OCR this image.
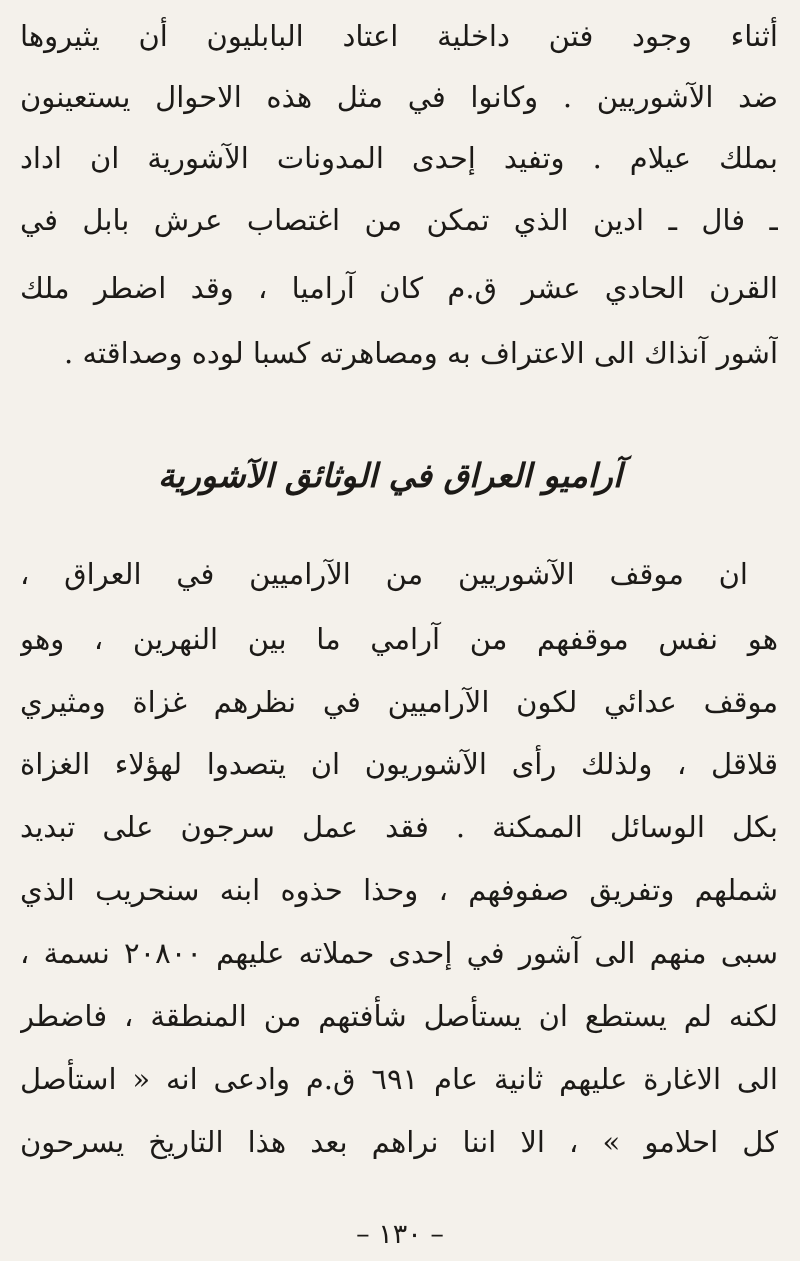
أثناء وجود فتن داخلية اعتاد البابليون أن يثيروها

ضد الآشوريين . وكانوا في مثل هذه الاحوال يستعينون

بملك عيلام . وتفيد إحدى المدونات الآشورية ان اداد

ـ فال ـ ادين الذي تمكن من اغتصاب عرش بابل في

القرن الحادي عشر ق.م كان آراميا ، وقد اضطر ملك

آشور آنذاك الى الاعتراف به ومصاهرته كسبا لوده وصداقته .

آراميو العراق في الوثائق الآشورية

ان موقف الآشوريين من الآراميين في العراق ،

هو نفس موقفهم من آرامي ما بين النهرين ، وهو

موقف عدائي لكون الآراميين في نظرهم غزاة ومثيري

قلاقل ، ولذلك رأى الآشوريون ان يتصدوا لهؤلاء الغزاة

بكل الوسائل الممكنة . فقد عمل سرجون على تبديد

شملهم وتفريق صفوفهم ، وحذا حذوه ابنه سنحريب الذي

سبى منهم الى آشور في إحدى حملاته عليهم ٢٠٨٠٠ نسمة ،

لكنه لم يستطع ان يستأصل شأفتهم من المنطقة ، فاضطر

الى الاغارة عليهم ثانية عام ٦٩١ ق.م وادعى انه « استأصل

كل احلامو » ، الا اننا نراهم بعد هذا التاريخ يسرحون

– ١٣٠ –
